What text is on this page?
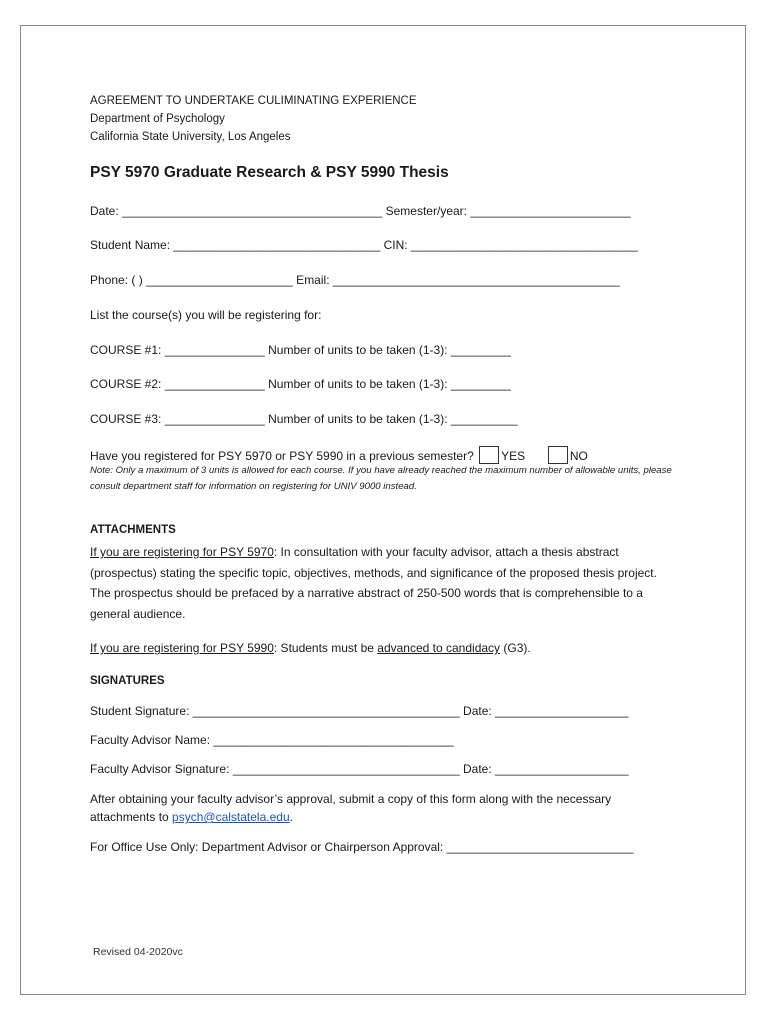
AGREEMENT TO UNDERTAKE CULIMINATING EXPERIENCE
Department of Psychology
California State University, Los Angeles
PSY 5970 Graduate Research & PSY 5990 Thesis
Date: _______________________________________ Semester/year: ________________________
Student Name: _______________________________ CIN: __________________________________
Phone: ( ) ______________________ Email: ___________________________________________
List the course(s) you will be registering for:
COURSE #1: _______________ Number of units to be taken (1-3): _________
COURSE #2: _______________ Number of units to be taken (1-3): _________
COURSE #3: _______________ Number of units to be taken (1-3): __________
Have you registered for PSY 5970 or PSY 5990 in a previous semester? YES	NO
Note: Only a maximum of 3 units is allowed for each course. If you have already reached the maximum number of allowable units, please consult department staff for information on registering for UNIV 9000 instead.
ATTACHMENTS
If you are registering for PSY 5970: In consultation with your faculty advisor, attach a thesis abstract (prospectus) stating the specific topic, objectives, methods, and significance of the proposed thesis project. The prospectus should be prefaced by a narrative abstract of 250-500 words that is comprehensible to a general audience.
If you are registering for PSY 5990: Students must be advanced to candidacy (G3).
SIGNATURES
Student Signature: ________________________________________ Date: ____________________
Faculty Advisor Name: ____________________________________
Faculty Advisor Signature: __________________________________ Date: ____________________
After obtaining your faculty advisor’s approval, submit a copy of this form along with the necessary attachments to psych@calstatela.edu.
For Office Use Only: Department Advisor or Chairperson Approval: ____________________________
Revised 04-2020vc
